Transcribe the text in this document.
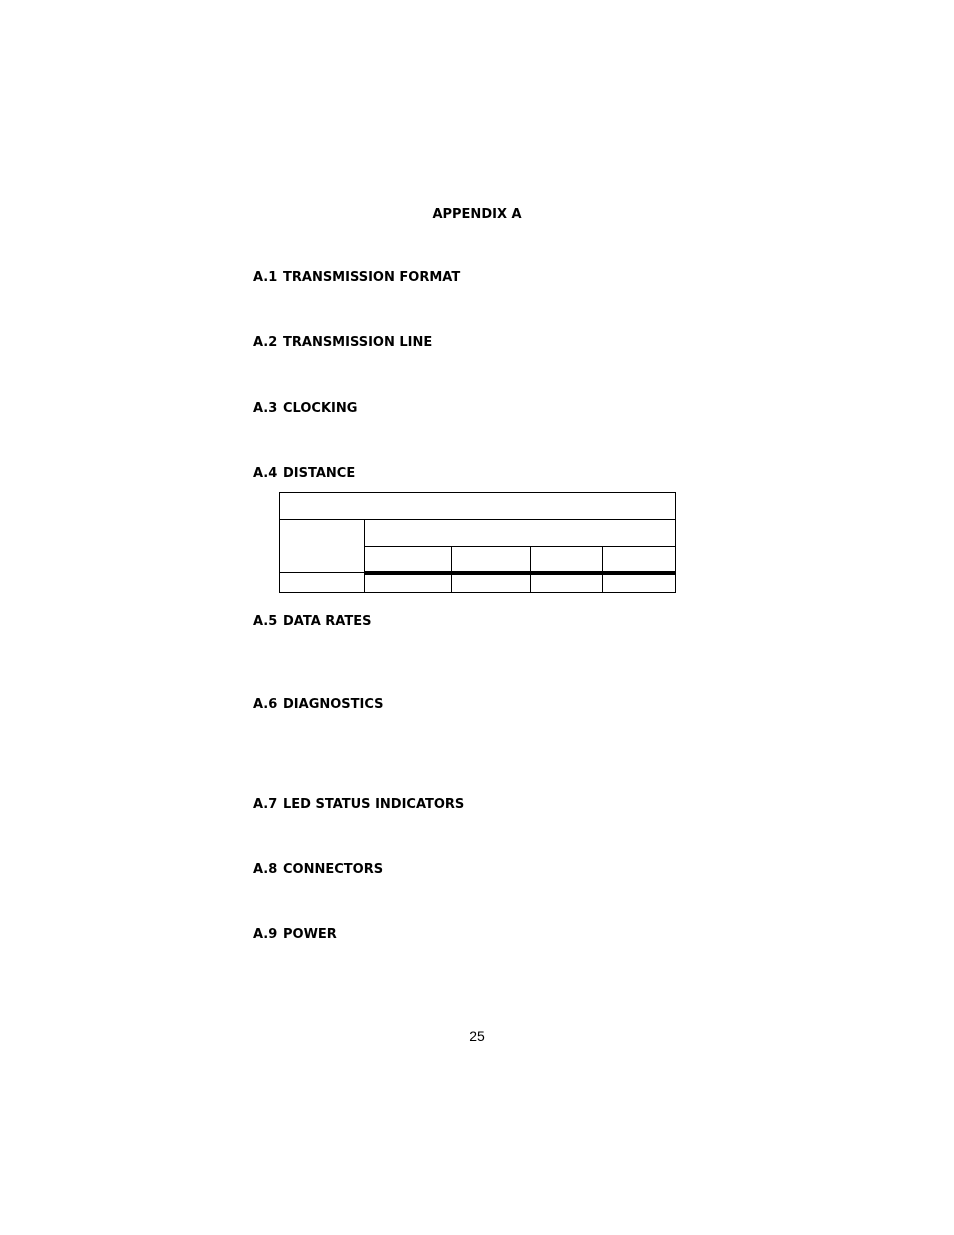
APPENDIX A
A.1 TRANSMISSION FORMAT
A.2 TRANSMISSION LINE
A.3 CLOCKING
A.4 DISTANCE

A.5 DATA RATES
A.6 DIAGNOSTICS
A.7 LED STATUS INDICATORS
A.8 CONNECTORS
A.9 POWER
25
